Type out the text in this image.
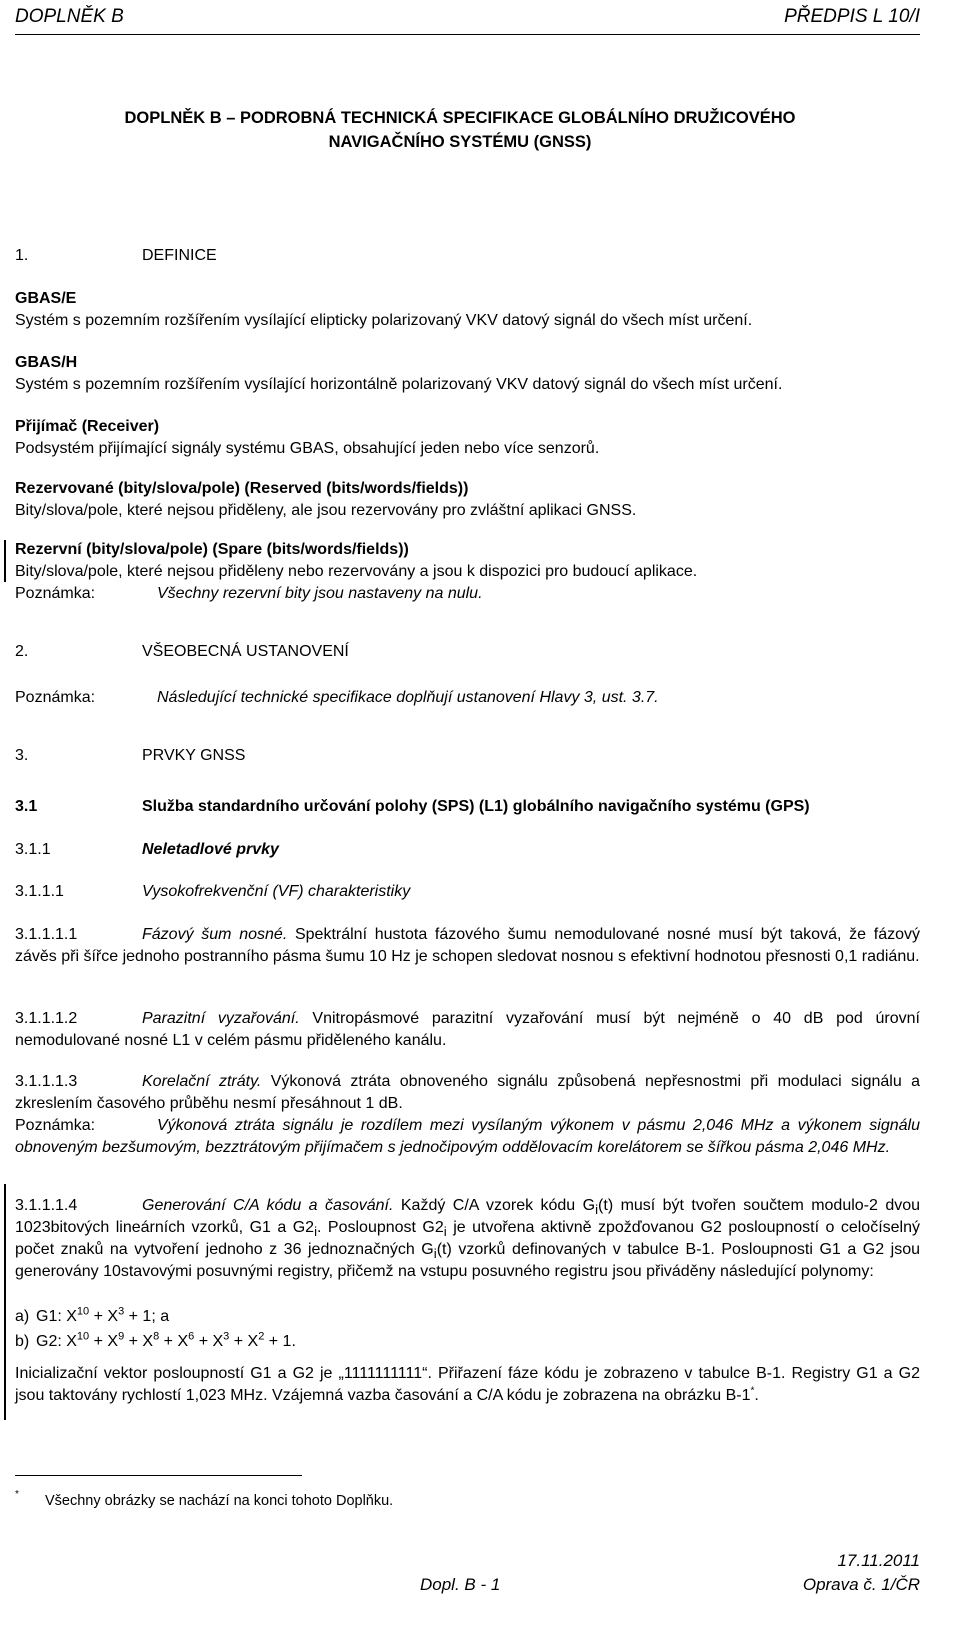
DOPLNĚK B	PŘEDPIS L 10/I
DOPLNĚK B – PODROBNÁ TECHNICKÁ SPECIFIKACE GLOBÁLNÍHO DRUŽICOVÉHO NAVIGAČNÍHO SYSTÉMU (GNSS)
1.	DEFINICE
GBAS/E
Systém s pozemním rozšířením vysílající elipticky polarizovaný VKV datový signál do všech míst určení.
GBAS/H
Systém s pozemním rozšířením vysílající horizontálně polarizovaný VKV datový signál do všech míst určení.
Přijímač (Receiver)
Podsystém přijímající signály systému GBAS, obsahující jeden nebo více senzorů.
Rezervované (bity/slova/pole) (Reserved (bits/words/fields))
Bity/slova/pole, které nejsou přiděleny, ale jsou rezervovány pro zvláštní aplikaci GNSS.
Rezervní (bity/slova/pole) (Spare (bits/words/fields))
Bity/slova/pole, které nejsou přiděleny nebo rezervovány a jsou k dispozici pro budoucí aplikace.
Poznámka:	Všechny rezervní bity jsou nastaveny na nulu.
2.	VŠEOBECNÁ USTANOVENÍ
Poznámka:	Následující technické specifikace doplňují ustanovení Hlavy 3, ust. 3.7.
3.	PRVKY GNSS
3.1	Služba standardního určování polohy (SPS) (L1) globálního navigačního systému (GPS)
3.1.1	Neletadlové prvky
3.1.1.1	Vysokofrekvenční (VF) charakteristiky
3.1.1.1.1	Fázový šum nosné. Spektrální hustota fázového šumu nemodulované nosné musí být taková, že fázový závěs při šířce jednoho postranního pásma šumu 10 Hz je schopen sledovat nosnou s efektivní hodnotou přesnosti 0,1 radiánu.
3.1.1.1.2	Parazitní vyzařování. Vnitropásmové parazitní vyzařování musí být nejméně o 40 dB pod úrovní nemodulované nosné L1 v celém pásmu přiděleného kanálu.
3.1.1.1.3	Korelační ztráty. Výkonová ztráta obnoveného signálu způsobená nepřesnostmi při modulaci signálu a zkreslením časového průběhu nesmí přesáhnout 1 dB.
Poznámka:	Výkonová ztráta signálu je rozdílem mezi vysílaným výkonem v pásmu 2,046 MHz a výkonem signálu obnoveným bezšumovým, bezztrátovým přijímačem s jednočipovým oddělovacím korelátorem se šířkou pásma 2,046 MHz.
3.1.1.1.4	Generování C/A kódu a časování. Každý C/A vzorek kódu $G_i(t)$ musí být tvořen součtem modulo-2 dvou 1023bitových lineárních vzorků, G1 a $G2_i$. Posloupnost $G2_i$ je utvořena aktivně zpožďovanou G2 posloupností o celočíselný počet znaků na vytvoření jednoho z 36 jednoznačných $G_i(t)$ vzorků definovaných v tabulce B-1. Posloupnosti G1 a G2 jsou generovány 10stavovými posuvnými registry, přičemž na vstupu posuvného registru jsou přiváděny následující polynomy:
a) G1: $X^{10} + X^3 + 1$; a
b) G2: $X^{10} + X^9 + X^8 + X^6 + X^3 + X^2 + 1$.
Inicializační vektor posloupností G1 a G2 je „1111111111“. Přiřazení fáze kódu je zobrazeno v tabulce B-1. Registry G1 a G2 jsou taktovány rychlostí 1,023 MHz. Vzájemná vazba časování a C/A kódu je zobrazena na obrázku B-1*.
* Všechny obrázky se nachází na konci tohoto Doplňku.
17.11.2011
Dopl. B - 1	Oprava č. 1/ČR
